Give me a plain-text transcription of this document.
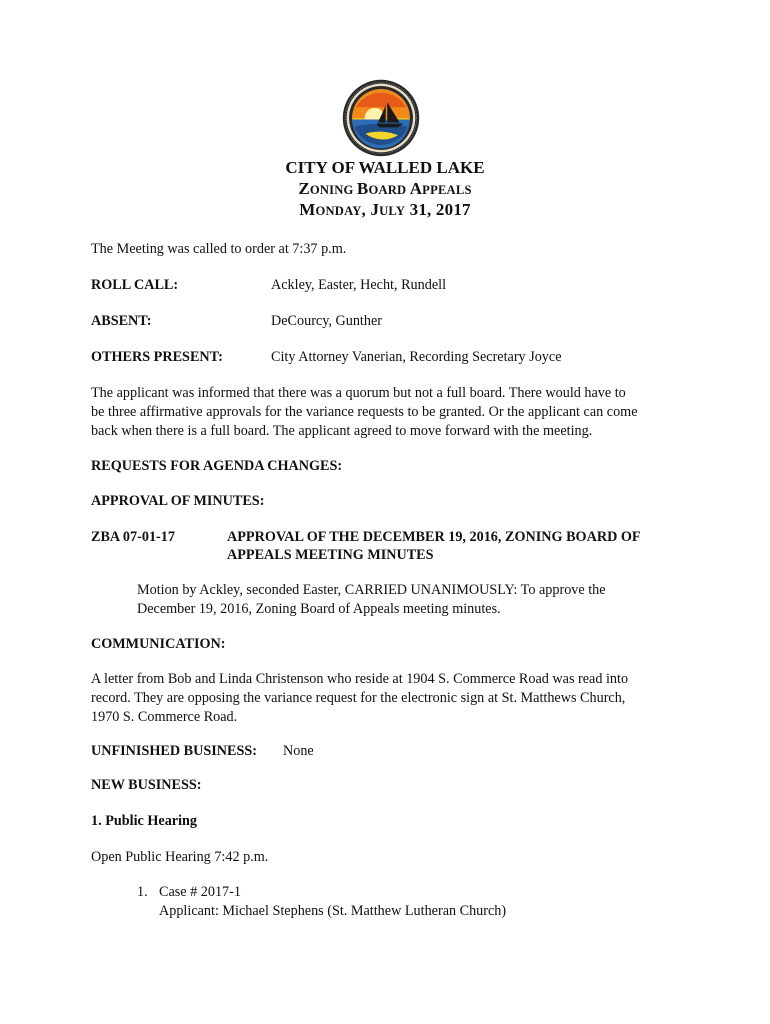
CITY OF WALLED LAKE
ZONING BOARD APPEALS
MONDAY, JULY 31, 2017
The Meeting was called to order at 7:37 p.m.
ROLL CALL:	Ackley, Easter, Hecht, Rundell
ABSENT:	DeCourcy, Gunther
OTHERS PRESENT:	City Attorney Vanerian, Recording Secretary Joyce
The applicant was informed that there was a quorum but not a full board. There would have to
be three affirmative approvals for the variance requests to be granted. Or the applicant can come
back when there is a full board. The applicant agreed to move forward with the meeting.
REQUESTS FOR AGENDA CHANGES:
APPROVAL OF MINUTES:
ZBA 07-01-17	APPROVAL OF THE DECEMBER 19, 2016, ZONING BOARD OF
APPEALS MEETING MINUTES
Motion by Ackley, seconded Easter, CARRIED UNANIMOUSLY: To approve the
December 19, 2016, Zoning Board of Appeals meeting minutes.
COMMUNICATION:
A letter from Bob and Linda Christenson who reside at 1904 S. Commerce Road was read into
record. They are opposing the variance request for the electronic sign at St. Matthews Church,
1970 S. Commerce Road.
UNFINISHED BUSINESS: None
NEW BUSINESS:
1. Public Hearing
Open Public Hearing 7:42 p.m.
1. Case # 2017-1
Applicant: Michael Stephens (St. Matthew Lutheran Church)
